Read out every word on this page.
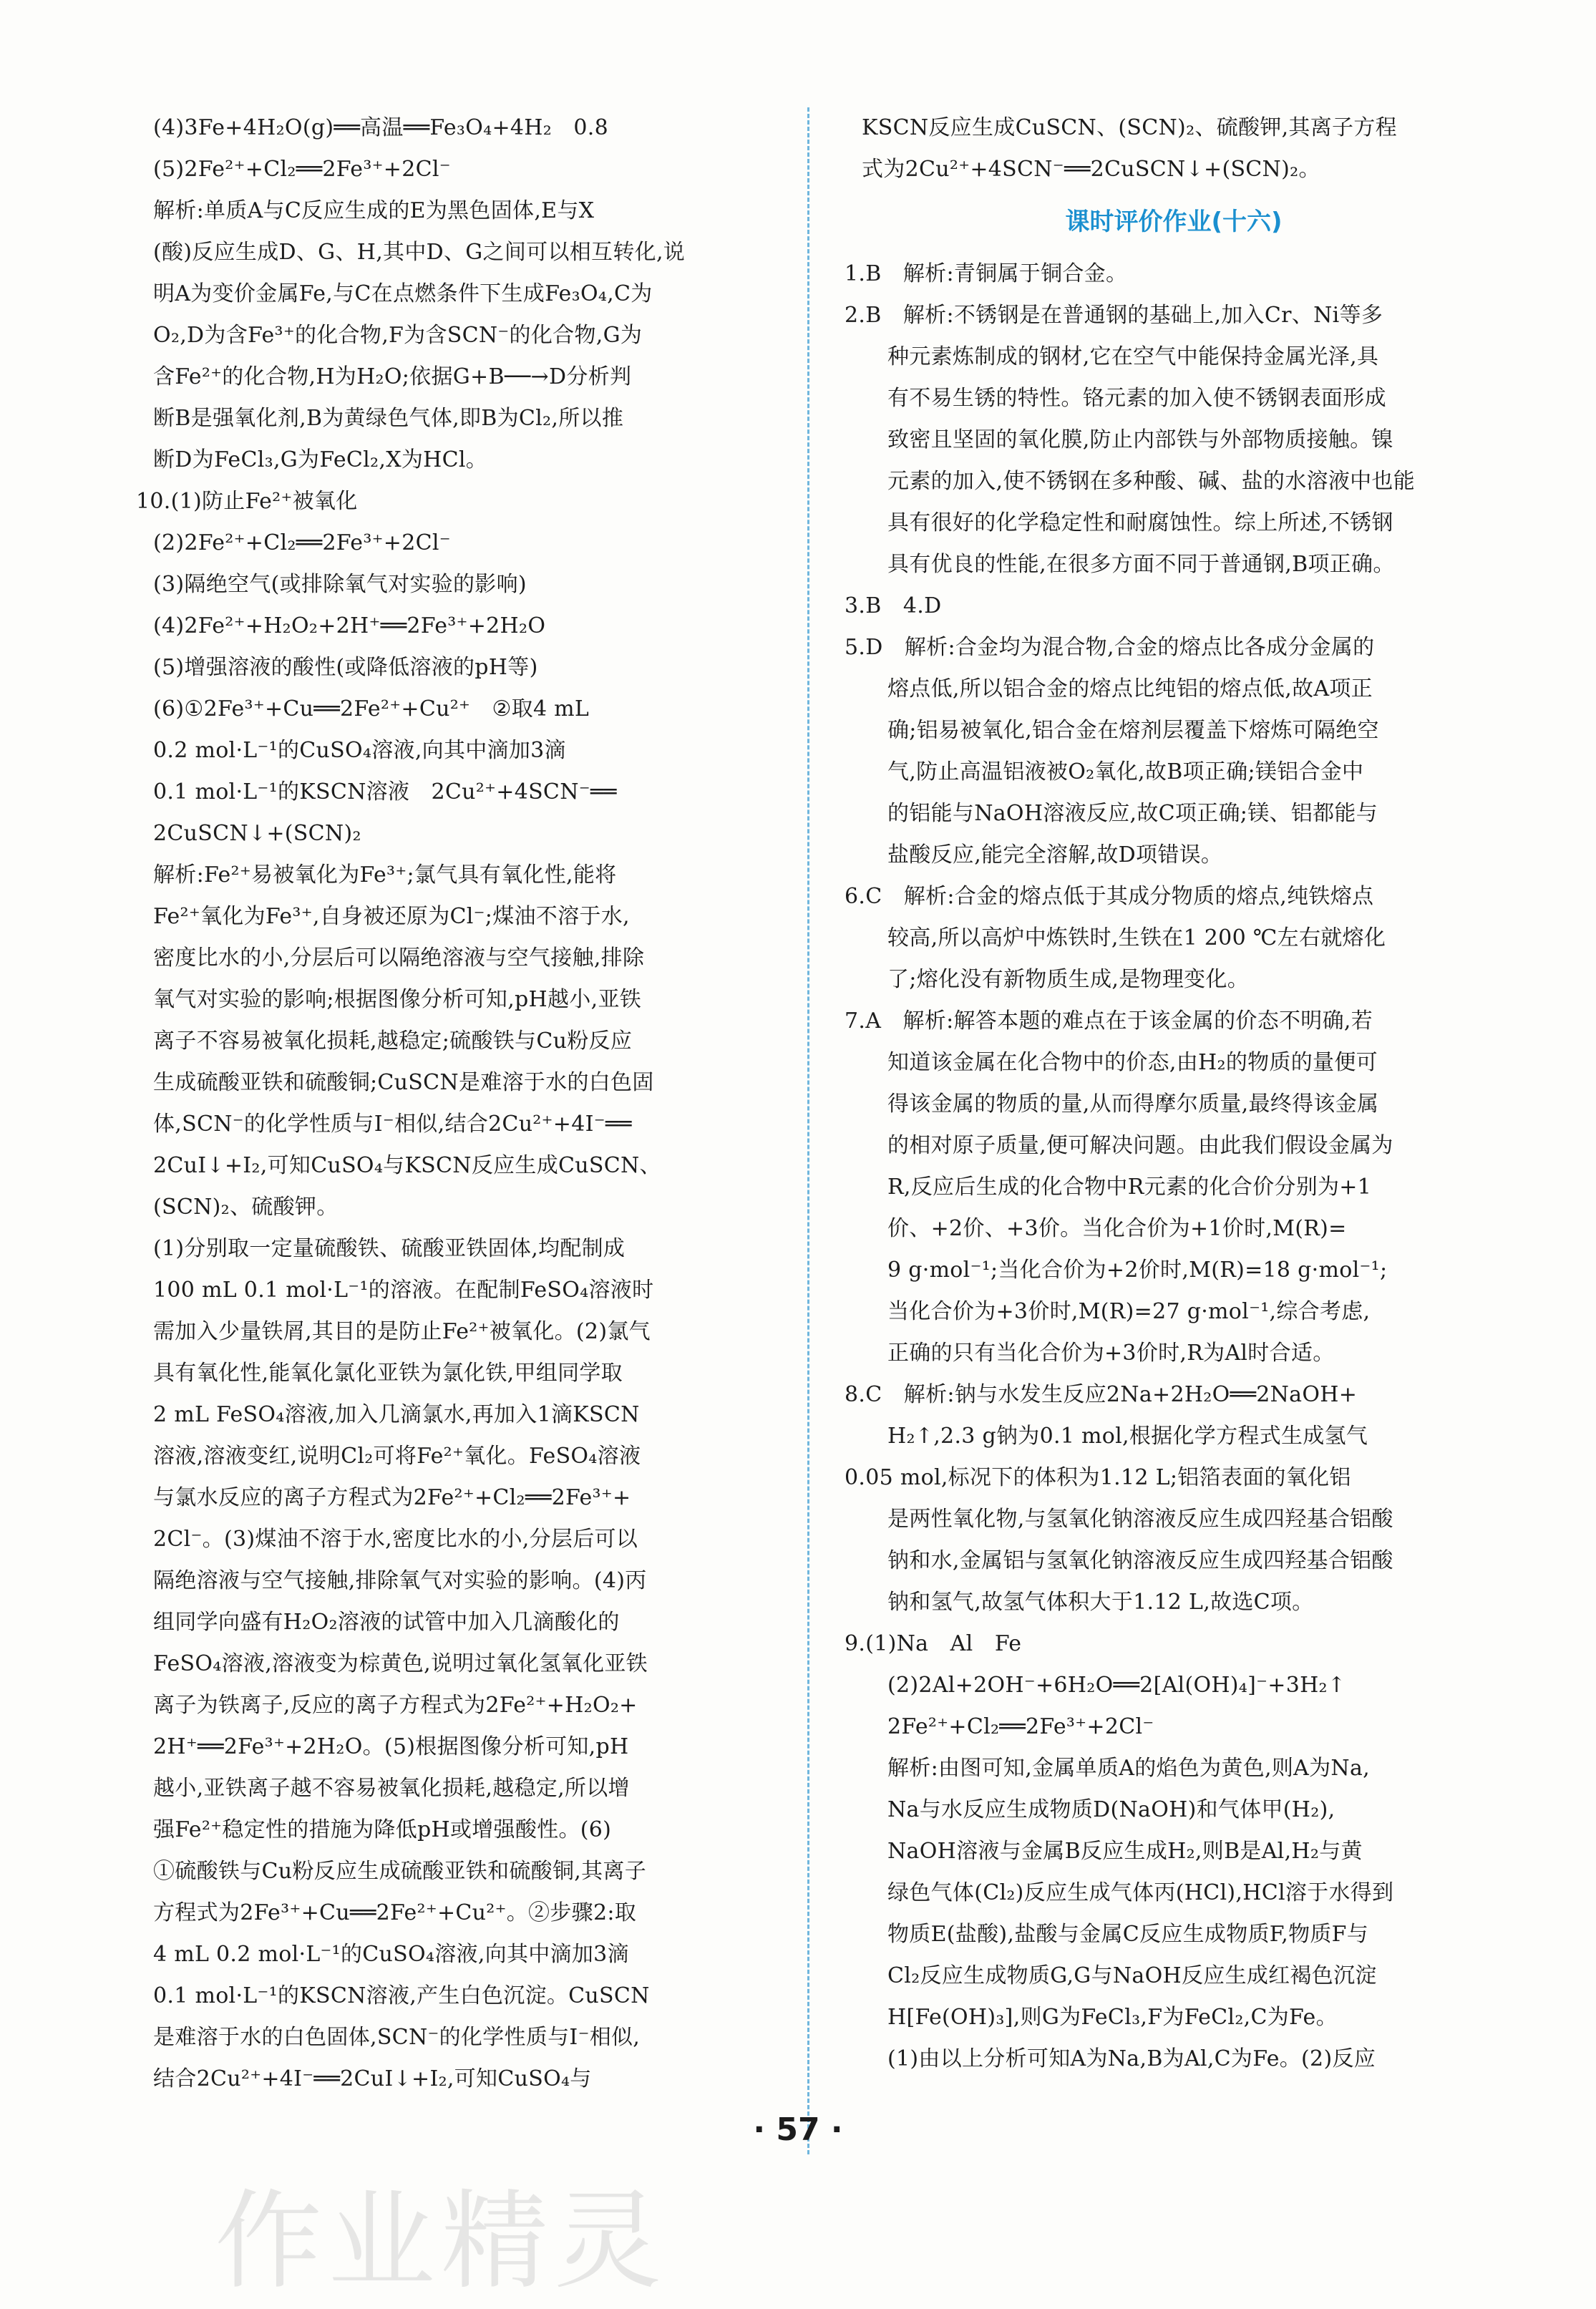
(4)3Fe+4H₂O(g)══高温══Fe₃O₄+4H₂　0.8
(5)2Fe²⁺+Cl₂══2Fe³⁺+2Cl⁻
解析:单质A与C反应生成的E为黑色固体,E与X
(酸)反应生成D、G、H,其中D、G之间可以相互转化,说
明A为变价金属Fe,与C在点燃条件下生成Fe₃O₄,C为
O₂,D为含Fe³⁺的化合物,F为含SCN⁻的化合物,G为
含Fe²⁺的化合物,H为H₂O;依据G+B──→D分析判
断B是强氧化剂,B为黄绿色气体,即B为Cl₂,所以推
断D为FeCl₃,G为FeCl₂,X为HCl。
10.(1)防止Fe²⁺被氧化
(2)2Fe²⁺+Cl₂══2Fe³⁺+2Cl⁻
(3)隔绝空气(或排除氧气对实验的影响)
(4)2Fe²⁺+H₂O₂+2H⁺══2Fe³⁺+2H₂O
(5)增强溶液的酸性(或降低溶液的pH等)
(6)①2Fe³⁺+Cu══2Fe²⁺+Cu²⁺　②取4 mL
0.2 mol·L⁻¹的CuSO₄溶液,向其中滴加3滴
0.1 mol·L⁻¹的KSCN溶液　2Cu²⁺+4SCN⁻══
2CuSCN↓+(SCN)₂
解析:Fe²⁺易被氧化为Fe³⁺;氯气具有氧化性,能将
Fe²⁺氧化为Fe³⁺,自身被还原为Cl⁻;煤油不溶于水,
密度比水的小,分层后可以隔绝溶液与空气接触,排除
氧气对实验的影响;根据图像分析可知,pH越小,亚铁
离子不容易被氧化损耗,越稳定;硫酸铁与Cu粉反应
生成硫酸亚铁和硫酸铜;CuSCN是难溶于水的白色固
体,SCN⁻的化学性质与I⁻相似,结合2Cu²⁺+4I⁻══
2CuI↓+I₂,可知CuSO₄与KSCN反应生成CuSCN、
(SCN)₂、硫酸钾。
(1)分别取一定量硫酸铁、硫酸亚铁固体,均配制成
100 mL 0.1 mol·L⁻¹的溶液。在配制FeSO₄溶液时
需加入少量铁屑,其目的是防止Fe²⁺被氧化。(2)氯气
具有氧化性,能氧化氯化亚铁为氯化铁,甲组同学取
2 mL FeSO₄溶液,加入几滴氯水,再加入1滴KSCN
溶液,溶液变红,说明Cl₂可将Fe²⁺氧化。FeSO₄溶液
与氯水反应的离子方程式为2Fe²⁺+Cl₂══2Fe³⁺+
2Cl⁻。(3)煤油不溶于水,密度比水的小,分层后可以
隔绝溶液与空气接触,排除氧气对实验的影响。(4)丙
组同学向盛有H₂O₂溶液的试管中加入几滴酸化的
FeSO₄溶液,溶液变为棕黄色,说明过氧化氢氧化亚铁
离子为铁离子,反应的离子方程式为2Fe²⁺+H₂O₂+
2H⁺══2Fe³⁺+2H₂O。(5)根据图像分析可知,pH
越小,亚铁离子越不容易被氧化损耗,越稳定,所以增
强Fe²⁺稳定性的措施为降低pH或增强酸性。(6)
①硫酸铁与Cu粉反应生成硫酸亚铁和硫酸铜,其离子
方程式为2Fe³⁺+Cu══2Fe²⁺+Cu²⁺。②步骤2:取
4 mL 0.2 mol·L⁻¹的CuSO₄溶液,向其中滴加3滴
0.1 mol·L⁻¹的KSCN溶液,产生白色沉淀。CuSCN
是难溶于水的白色固体,SCN⁻的化学性质与I⁻相似,
结合2Cu²⁺+4I⁻══2CuI↓+I₂,可知CuSO₄与
KSCN反应生成CuSCN、(SCN)₂、硫酸钾,其离子方程
式为2Cu²⁺+4SCN⁻══2CuSCN↓+(SCN)₂。
课时评价作业(十六)
1.B　解析:青铜属于铜合金。
2.B　解析:不锈钢是在普通钢的基础上,加入Cr、Ni等多
种元素炼制成的钢材,它在空气中能保持金属光泽,具
有不易生锈的特性。铬元素的加入使不锈钢表面形成
致密且坚固的氧化膜,防止内部铁与外部物质接触。镍
元素的加入,使不锈钢在多种酸、碱、盐的水溶液中也能
具有很好的化学稳定性和耐腐蚀性。综上所述,不锈钢
具有优良的性能,在很多方面不同于普通钢,B项正确。
3.B　4.D
5.D　解析:合金均为混合物,合金的熔点比各成分金属的
熔点低,所以铝合金的熔点比纯铝的熔点低,故A项正
确;铝易被氧化,铝合金在熔剂层覆盖下熔炼可隔绝空
气,防止高温铝液被O₂氧化,故B项正确;镁铝合金中
的铝能与NaOH溶液反应,故C项正确;镁、铝都能与
盐酸反应,能完全溶解,故D项错误。
6.C　解析:合金的熔点低于其成分物质的熔点,纯铁熔点
较高,所以高炉中炼铁时,生铁在1 200 ℃左右就熔化
了;熔化没有新物质生成,是物理变化。
7.A　解析:解答本题的难点在于该金属的价态不明确,若
知道该金属在化合物中的价态,由H₂的物质的量便可
得该金属的物质的量,从而得摩尔质量,最终得该金属
的相对原子质量,便可解决问题。由此我们假设金属为
R,反应后生成的化合物中R元素的化合价分别为+1
价、+2价、+3价。当化合价为+1价时,M(R)=
9 g·mol⁻¹;当化合价为+2价时,M(R)=18 g·mol⁻¹;
当化合价为+3价时,M(R)=27 g·mol⁻¹,综合考虑,
正确的只有当化合价为+3价时,R为Al时合适。
8.C　解析:钠与水发生反应2Na+2H₂O══2NaOH+
H₂↑,2.3 g钠为0.1 mol,根据化学方程式生成氢气
0.05 mol,标况下的体积为1.12 L;铝箔表面的氧化铝
是两性氧化物,与氢氧化钠溶液反应生成四羟基合铝酸
钠和水,金属铝与氢氧化钠溶液反应生成四羟基合铝酸
钠和氢气,故氢气体积大于1.12 L,故选C项。
9.(1)Na　Al　Fe
(2)2Al+2OH⁻+6H₂O══2[Al(OH)₄]⁻+3H₂↑
2Fe²⁺+Cl₂══2Fe³⁺+2Cl⁻
解析:由图可知,金属单质A的焰色为黄色,则A为Na,
Na与水反应生成物质D(NaOH)和气体甲(H₂),
NaOH溶液与金属B反应生成H₂,则B是Al,H₂与黄
绿色气体(Cl₂)反应生成气体丙(HCl),HCl溶于水得到
物质E(盐酸),盐酸与金属C反应生成物质F,物质F与
Cl₂反应生成物质G,G与NaOH反应生成红褐色沉淀
H[Fe(OH)₃],则G为FeCl₃,F为FeCl₂,C为Fe。
(1)由以上分析可知A为Na,B为Al,C为Fe。(2)反应
· 57 ·
作业精灵
